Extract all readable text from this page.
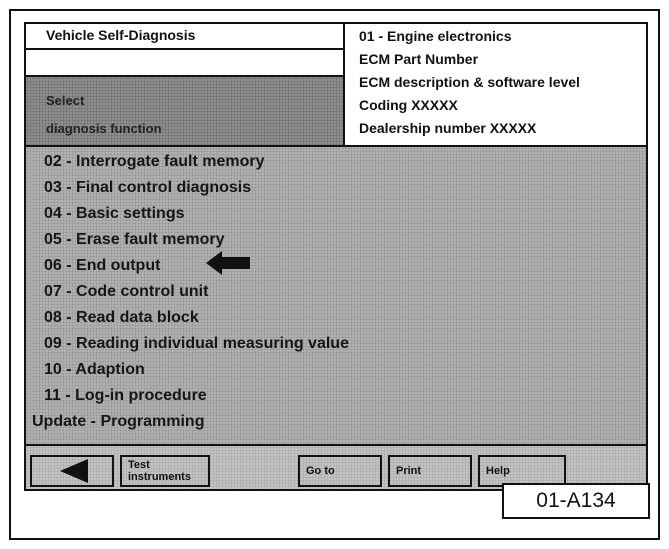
Vehicle Self-Diagnosis
Select
diagnosis function
01 - Engine electronics
ECM Part Number
ECM description & software level
Coding XXXXX
Dealership number XXXXX
02 - Interrogate fault memory
03 - Final control diagnosis
04 - Basic settings
05 - Erase fault memory
06 - End output
07 - Code control unit
08 - Read data block
09 - Reading individual measuring value
10 - Adaption
11 - Log-in procedure
Update - Programming
Test
instruments	Go to	Print	Help
01-A134
